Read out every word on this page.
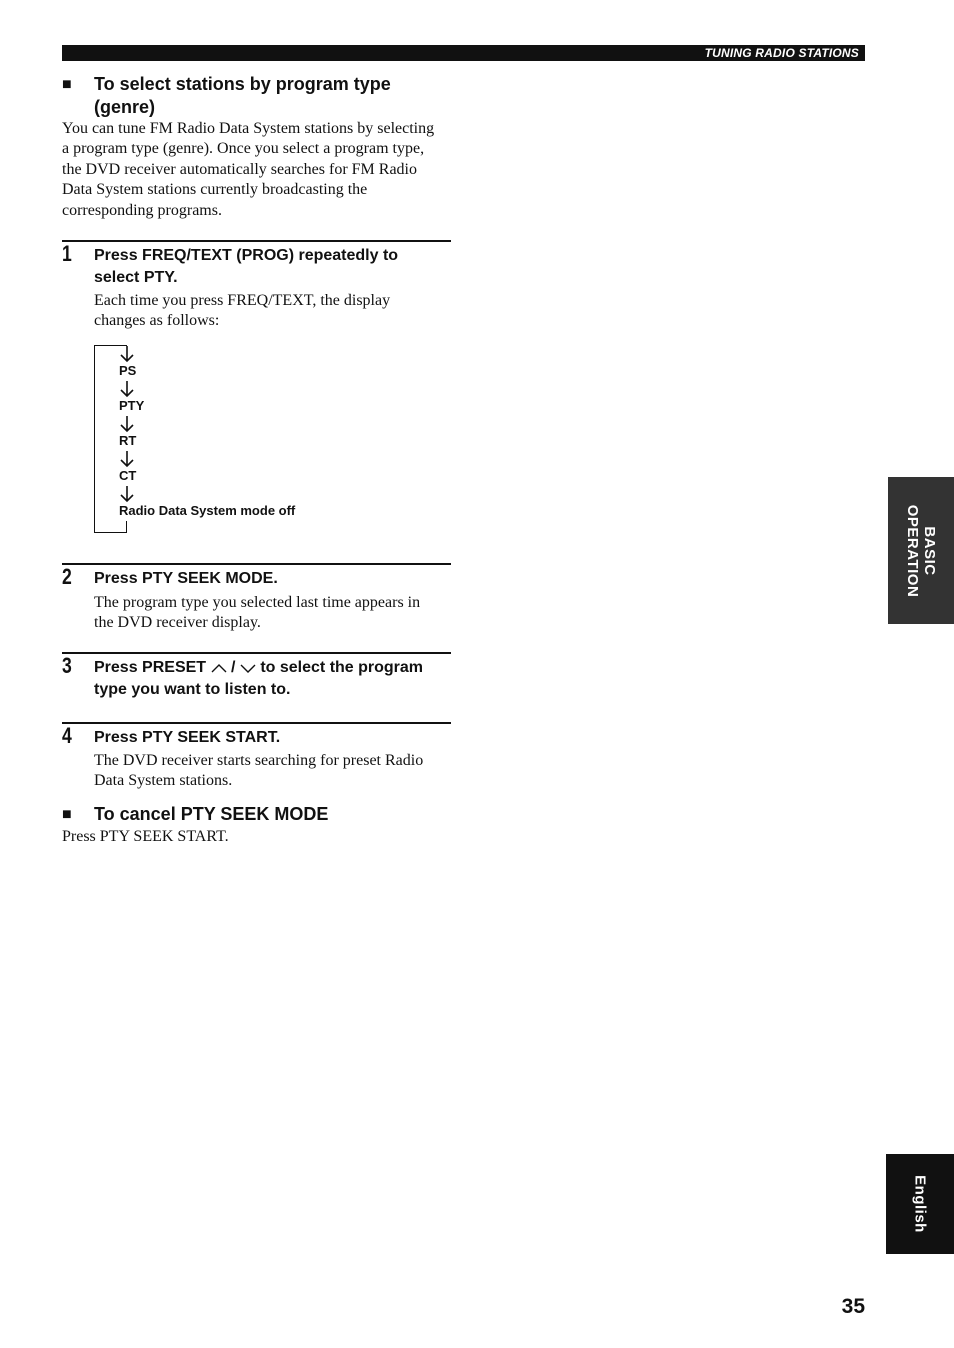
TUNING RADIO STATIONS
■ To select stations by program type
(genre)
You can tune FM Radio Data System stations by selecting
a program type (genre). Once you select a program type,
the DVD receiver automatically searches for FM Radio
Data System stations currently broadcasting the
corresponding programs.
1 Press FREQ/TEXT (PROG) repeatedly to
select PTY.
Each time you press FREQ/TEXT, the display
changes as follows:
PS
PTY
RT
CT
Radio Data System mode off
2 Press PTY SEEK MODE.
The program type you selected last time appears in
the DVD receiver display.
3 Press PRESET / to select the program
type you want to listen to.
4 Press PTY SEEK START.
The DVD receiver starts searching for preset Radio
Data System stations.
■ To cancel PTY SEEK MODE
Press PTY SEEK START.
BASIC
OPERATION
English
35
